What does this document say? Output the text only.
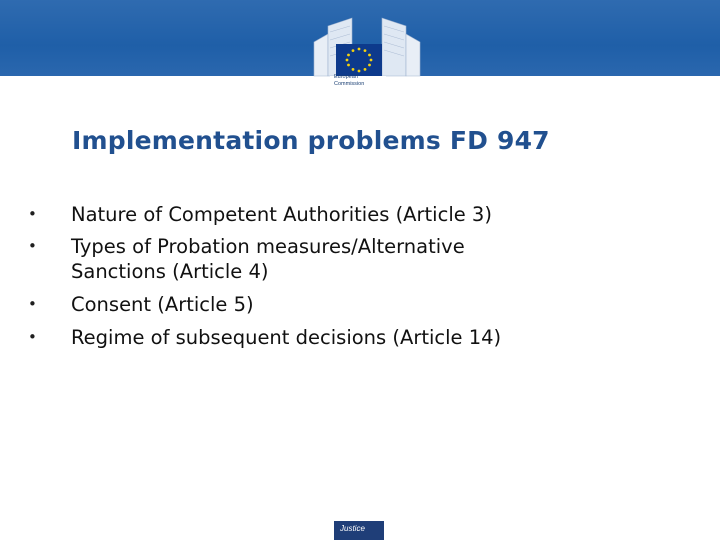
European
Commission
Implementation problems FD 947
•	Nature of Competent Authorities (Article 3)
•	Types of Probation measures/Alternative
Sanctions (Article 4)
•	Consent (Article 5)
•	Regime of subsequent decisions (Article 14)
Justice
